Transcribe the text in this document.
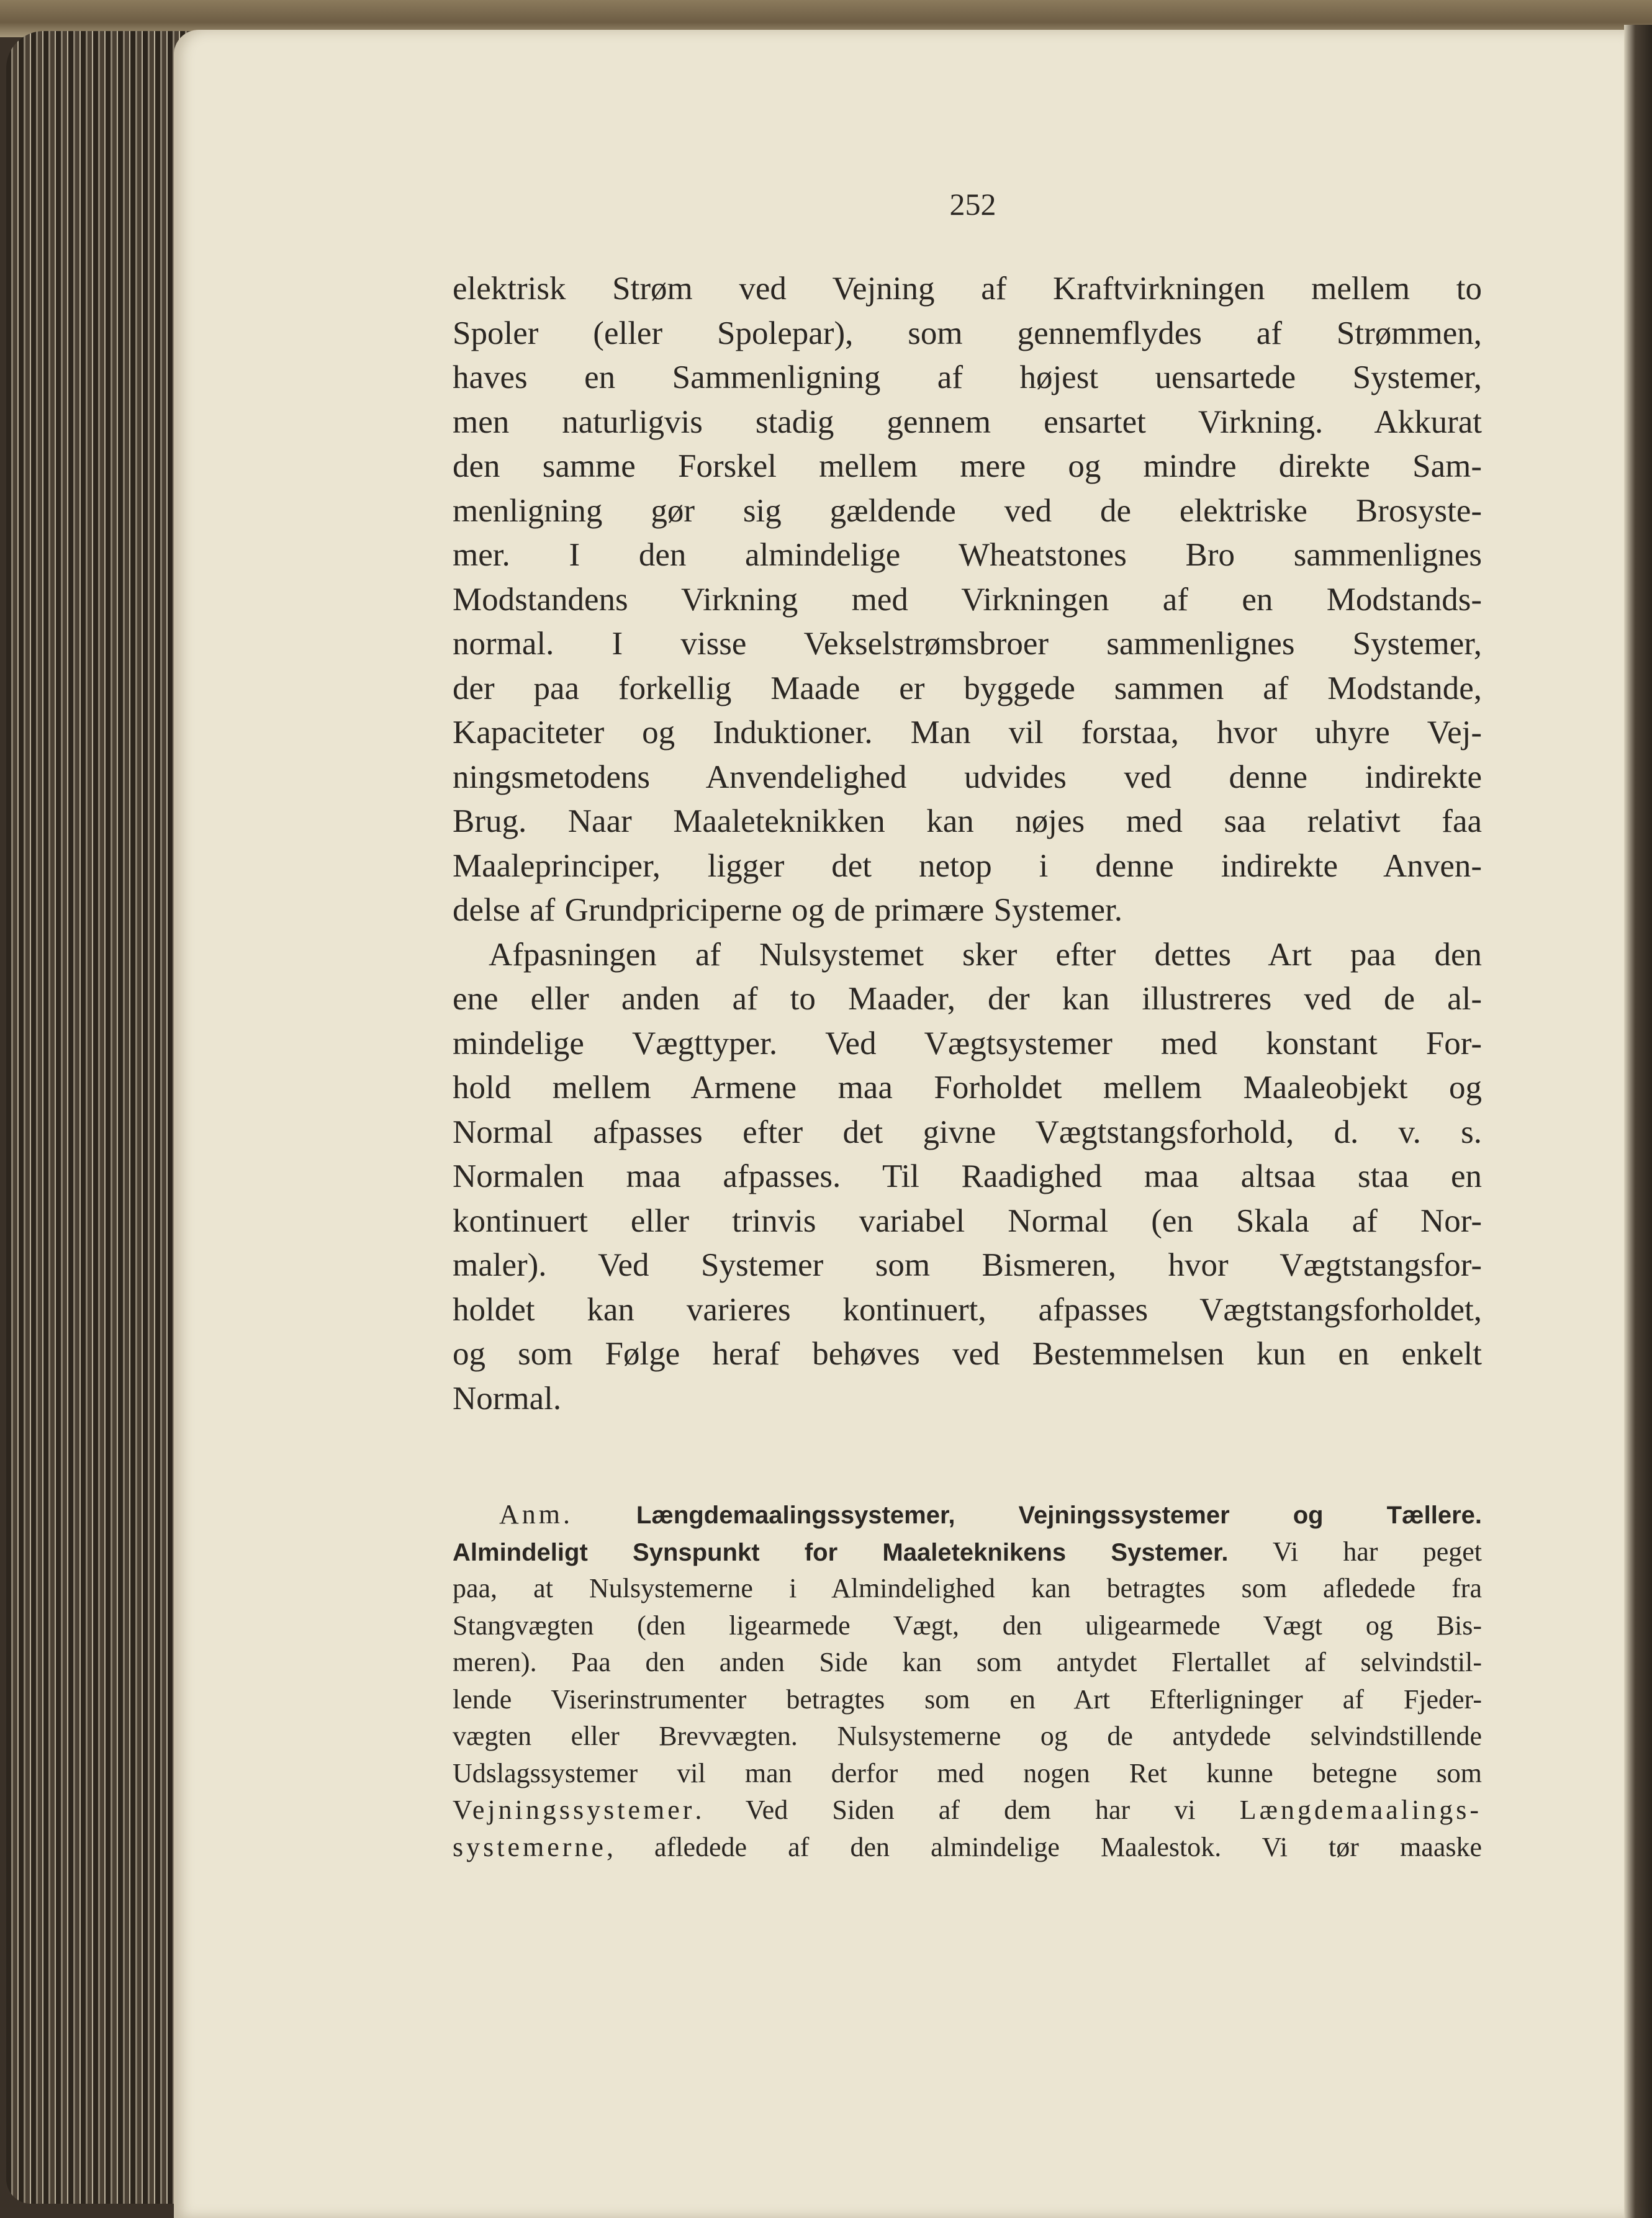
252
elektrisk Strøm ved Vejning af Kraftvirkningen mellem to
Spoler (eller Spolepar), som gennemflydes af Strømmen,
haves en Sammenligning af højest uensartede Systemer,
men naturligvis stadig gennem ensartet Virkning. Akkurat
den samme Forskel mellem mere og mindre direkte Sam-
menligning gør sig gældende ved de elektriske Brosyste-
mer. I den almindelige Wheatstones Bro sammenlignes
Modstandens Virkning med Virkningen af en Modstands-
normal. I visse Vekselstrømsbroer sammenlignes Systemer,
der paa forkellig Maade er byggede sammen af Modstande,
Kapaciteter og Induktioner. Man vil forstaa, hvor uhyre Vej-
ningsmetodens Anvendelighed udvides ved denne indirekte
Brug. Naar Maaleteknikken kan nøjes med saa relativt faa
Maaleprinciper, ligger det netop i denne indirekte Anven-
delse af Grundpriciperne og de primære Systemer.
Afpasningen af Nulsystemet sker efter dettes Art paa den
ene eller anden af to Maader, der kan illustreres ved de al-
mindelige Vægttyper. Ved Vægtsystemer med konstant For-
hold mellem Armene maa Forholdet mellem Maaleobjekt og
Normal afpasses efter det givne Vægtstangsforhold, d. v. s.
Normalen maa afpasses. Til Raadighed maa altsaa staa en
kontinuert eller trinvis variabel Normal (en Skala af Nor-
maler). Ved Systemer som Bismeren, hvor Vægtstangsfor-
holdet kan varieres kontinuert, afpasses Vægtstangsforholdet,
og som Følge heraf behøves ved Bestemmelsen kun en enkelt
Normal.
Anm.	Længdemaalingssystemer, Vejningssystemer og Tællere.
Almindeligt Synspunkt for Maaleteknikens Systemer. Vi har peget
paa, at Nulsystemerne i Almindelighed kan betragtes som afledede fra
Stangvægten (den ligearmede Vægt, den uligearmede Vægt og Bis-
meren). Paa den anden Side kan som antydet Flertallet af selvindstil-
lende Viserinstrumenter betragtes som en Art Efterligninger af Fjeder-
vægten eller Brevvægten. Nulsystemerne og de antydede selvindstillende
Udslagssystemer vil man derfor med nogen Ret kunne betegne som
Vejningssystemer. Ved Siden af dem har vi Længdemaalings-
systemerne, afledede af den almindelige Maalestok. Vi tør maaske
